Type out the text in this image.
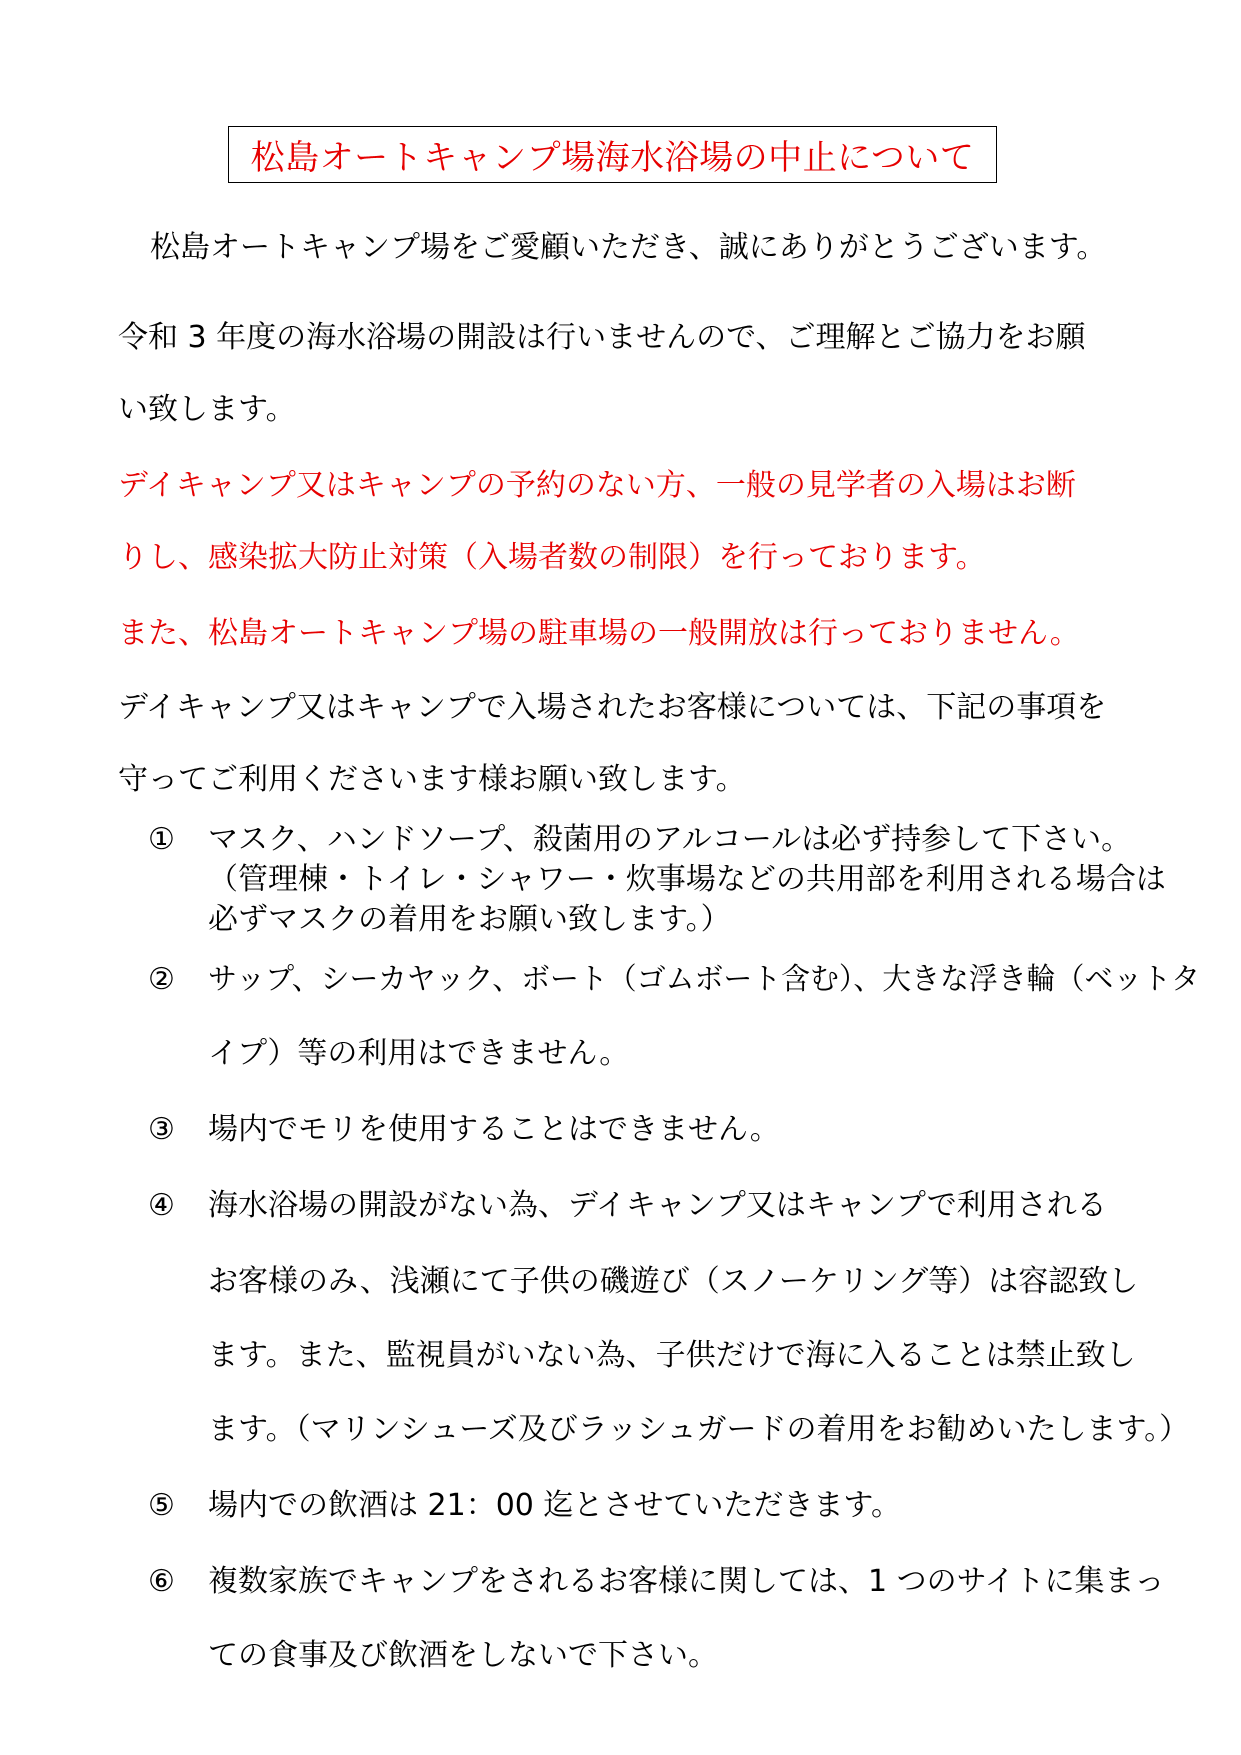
松島オートキャンプ場海水浴場の中止について
松島オートキャンプ場をご愛顧いただき、誠にありがとうございます。
令和 3 年度の海水浴場の開設は行いませんので、ご理解とご協力をお願
い致します。
デイキャンプ又はキャンプの予約のない方、一般の見学者の入場はお断
りし、感染拡大防止対策（入場者数の制限）を行っております。
また、松島オートキャンプ場の駐車場の一般開放は行っておりません。
デイキャンプ又はキャンプで入場されたお客様については、下記の事項を
守ってご利用くださいます様お願い致します。
① マスク、ハンドソープ、殺菌用のアルコールは必ず持参して下さい。
（管理棟・トイレ・シャワー・炊事場などの共用部を利用される場合は
必ずマスクの着用をお願い致します。）
② サップ、シーカヤック、ボート（ゴムボート含む）、大きな浮き輪（ベットタ
イプ）等の利用はできません。
③ 場内でモリを使用することはできません。
④ 海水浴場の開設がない為、デイキャンプ又はキャンプで利用される
お客様のみ、浅瀬にて子供の磯遊び（スノーケリング等）は容認致し
ます。また、監視員がいない為、子供だけで海に入ることは禁止致し
ます。（マリンシューズ及びラッシュガードの着用をお勧めいたします。）
⑤ 場内での飲酒は 21：00 迄とさせていただきます。
⑥ 複数家族でキャンプをされるお客様に関しては、1 つのサイトに集まっ
ての食事及び飲酒をしないで下さい。
